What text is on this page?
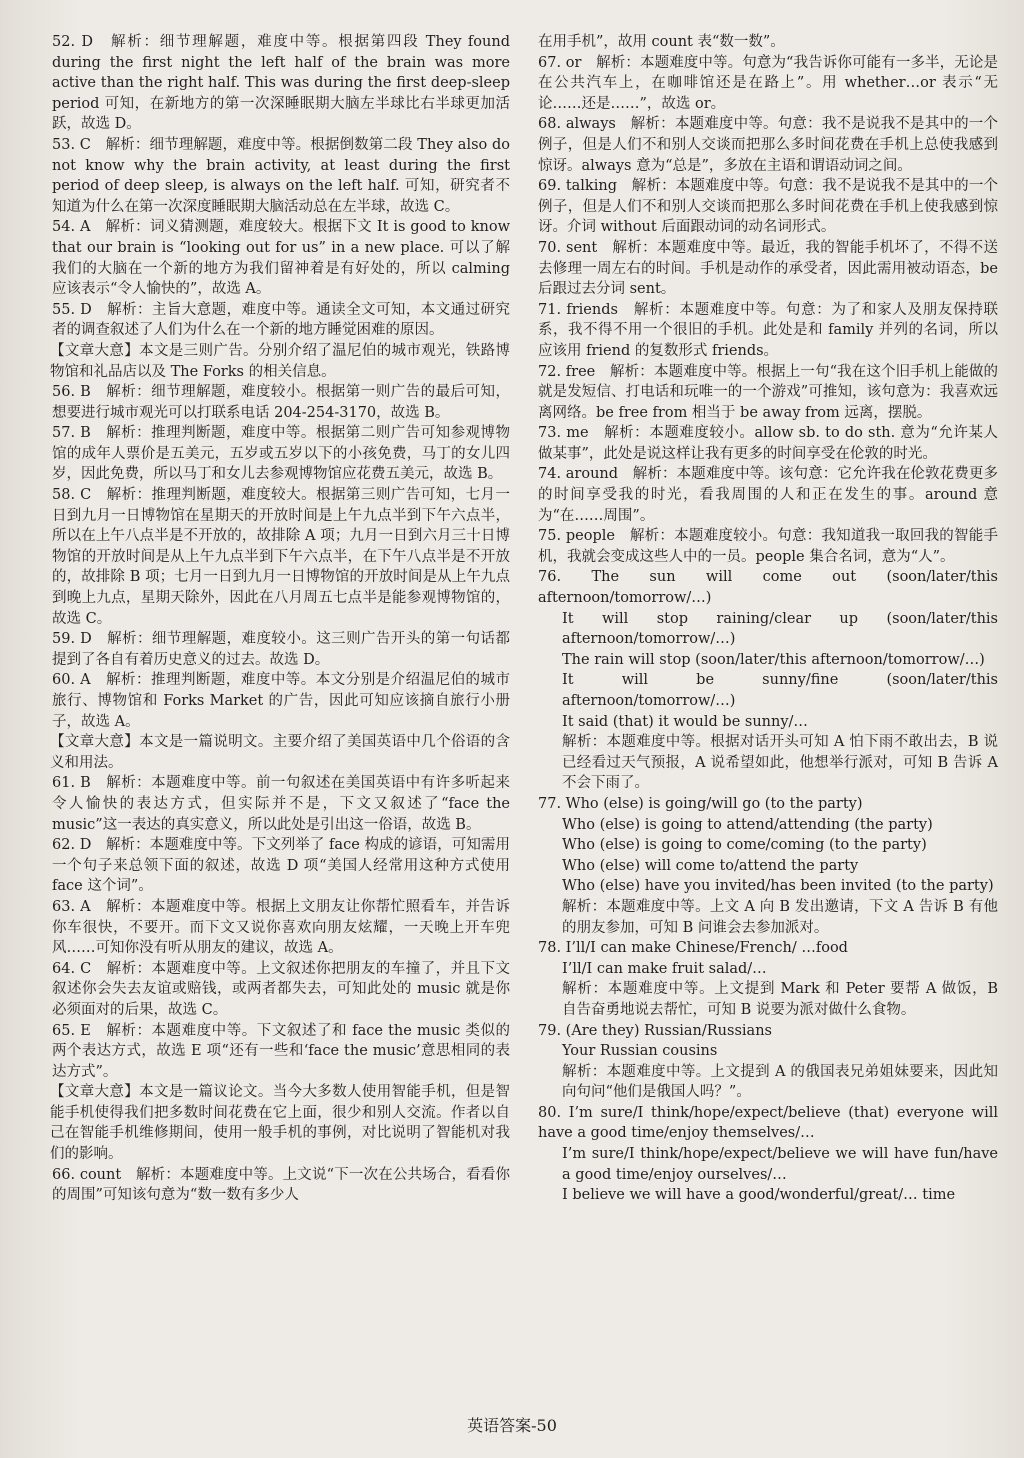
52. D　解析：细节理解题，难度中等。根据第四段 They found during the first night the left half of the brain was more active than the right half. This was during the first deep-sleep period 可知，在新地方的第一次深睡眠期大脑左半球比右半球更加活跃，故选 D。

53. C　解析：细节理解题，难度中等。根据倒数第二段 They also do not know why the brain activity, at least during the first period of deep sleep, is always on the left half. 可知，研究者不知道为什么在第一次深度睡眠期大脑活动总在左半球，故选 C。

54. A　解析：词义猜测题，难度较大。根据下文 It is good to know that our brain is “looking out for us” in a new place. 可以了解我们的大脑在一个新的地方为我们留神着是有好处的，所以 calming 应该表示“令人愉快的”，故选 A。

55. D　解析：主旨大意题，难度中等。通读全文可知，本文通过研究者的调查叙述了人们为什么在一个新的地方睡觉困难的原因。

【文章大意】本文是三则广告。分别介绍了温尼伯的城市观光，铁路博物馆和礼品店以及 The Forks 的相关信息。

56. B　解析：细节理解题，难度较小。根据第一则广告的最后可知，想要进行城市观光可以打联系电话 204-254-3170，故选 B。

57. B　解析：推理判断题，难度中等。根据第二则广告可知参观博物馆的成年人票价是五美元，五岁或五岁以下的小孩免费，马丁的女儿四岁，因此免费，所以马丁和女儿去参观博物馆应花费五美元，故选 B。

58. C　解析：推理判断题，难度较大。根据第三则广告可知，七月一日到九月一日博物馆在星期天的开放时间是上午九点半到下午六点半，所以在上午八点半是不开放的，故排除 A 项；九月一日到六月三十日博物馆的开放时间是从上午九点半到下午六点半，在下午八点半是不开放的，故排除 B 项；七月一日到九月一日博物馆的开放时间是从上午九点到晚上九点，星期天除外，因此在八月周五七点半是能参观博物馆的，故选 C。

59. D　解析：细节理解题，难度较小。这三则广告开头的第一句话都提到了各自有着历史意义的过去。故选 D。

60. A　解析：推理判断题，难度中等。本文分别是介绍温尼伯的城市旅行、博物馆和 Forks Market 的广告，因此可知应该摘自旅行小册子，故选 A。

【文章大意】本文是一篇说明文。主要介绍了美国英语中几个俗语的含义和用法。

61. B　解析：本题难度中等。前一句叙述在美国英语中有许多听起来令人愉快的表达方式，但实际并不是，下文又叙述了“face the music”这一表达的真实意义，所以此处是引出这一俗语，故选 B。

62. D　解析：本题难度中等。下文列举了 face 构成的谚语，可知需用一个句子来总领下面的叙述，故选 D 项“美国人经常用这种方式使用 face 这个词”。

63. A　解析：本题难度中等。根据上文朋友让你帮忙照看车，并告诉你车很快，不要开。而下文又说你喜欢向朋友炫耀，一天晚上开车兜风……可知你没有听从朋友的建议，故选 A。

64. C　解析：本题难度中等。上文叙述你把朋友的车撞了，并且下文叙述你会失去友谊或赔钱，或两者都失去，可知此处的 music 就是你必须面对的后果，故选 C。

65. E　解析：本题难度中等。下文叙述了和 face the music 类似的两个表达方式，故选 E 项“还有一些和‘face the music’意思相同的表达方式”。

【文章大意】本文是一篇议论文。当今大多数人使用智能手机，但是智能手机使得我们把多数时间花费在它上面，很少和别人交流。作者以自己在智能手机维修期间，使用一般手机的事例，对比说明了智能机对我们的影响。

66. count　解析：本题难度中等。上文说“下一次在公共场合，看看你的周围”可知该句意为“数一数有多少人

在用手机”，故用 count 表“数一数”。

67. or　解析：本题难度中等。句意为“我告诉你可能有一多半，无论是在公共汽车上，在咖啡馆还是在路上”。用 whether…or 表示“无论……还是……”，故选 or。

68. always　解析：本题难度中等。句意：我不是说我不是其中的一个例子，但是人们不和别人交谈而把那么多时间花费在手机上总使我感到惊讶。always 意为“总是”，多放在主语和谓语动词之间。

69. talking　解析：本题难度中等。句意：我不是说我不是其中的一个例子，但是人们不和别人交谈而把那么多时间花费在手机上使我感到惊讶。介词 without 后面跟动词的动名词形式。

70. sent　解析：本题难度中等。最近，我的智能手机坏了，不得不送去修理一周左右的时间。手机是动作的承受者，因此需用被动语态，be 后跟过去分词 sent。

71. friends　解析：本题难度中等。句意：为了和家人及朋友保持联系，我不得不用一个很旧的手机。此处是和 family 并列的名词，所以应该用 friend 的复数形式 friends。

72. free　解析：本题难度中等。根据上一句“我在这个旧手机上能做的就是发短信、打电话和玩唯一的一个游戏”可推知，该句意为：我喜欢远离网络。be free from 相当于 be away from 远离，摆脱。

73. me　解析：本题难度较小。allow sb. to do sth. 意为“允许某人做某事”，此处是说这样让我有更多的时间享受在伦敦的时光。

74. around　解析：本题难度中等。该句意：它允许我在伦敦花费更多的时间享受我的时光，看我周围的人和正在发生的事。around 意为“在……周围”。

75. people　解析：本题难度较小。句意：我知道我一取回我的智能手机，我就会变成这些人中的一员。people 集合名词，意为“人”。

76. The sun will come out (soon/later/this afternoon/tomorrow/…)

It will stop raining/clear up (soon/later/this afternoon/tomorrow/…)

The rain will stop (soon/later/this afternoon/tomorrow/…)

It will be sunny/fine (soon/later/this afternoon/tomorrow/…)

It said (that) it would be sunny/…

解析：本题难度中等。根据对话开头可知 A 怕下雨不敢出去，B 说已经看过天气预报，A 说希望如此，他想举行派对，可知 B 告诉 A 不会下雨了。

77. Who (else) is going/will go (to the party)

Who (else) is going to attend/attending (the party)

Who (else) is going to come/coming (to the party)

Who (else) will come to/attend the party

Who (else) have you invited/has been invited (to the party)

解析：本题难度中等。上文 A 向 B 发出邀请，下文 A 告诉 B 有他的朋友参加，可知 B 问谁会去参加派对。

78. I’ll/I can make Chinese/French/ …food

I’ll/I can make fruit salad/…

解析：本题难度中等。上文提到 Mark 和 Peter 要帮 A 做饭，B 自告奋勇地说去帮忙，可知 B 说要为派对做什么食物。

79. (Are they) Russian/Russians

Your Russian cousins

解析：本题难度中等。上文提到 A 的俄国表兄弟姐妹要来，因此知向句问“他们是俄国人吗？”。

80. I’m sure/I think/hope/expect/believe (that) everyone will have a good time/enjoy themselves/…

I’m sure/I think/hope/expect/believe we will have fun/have a good time/enjoy ourselves/…

I believe we will have a good/wonderful/great/… time

英语答案-50
